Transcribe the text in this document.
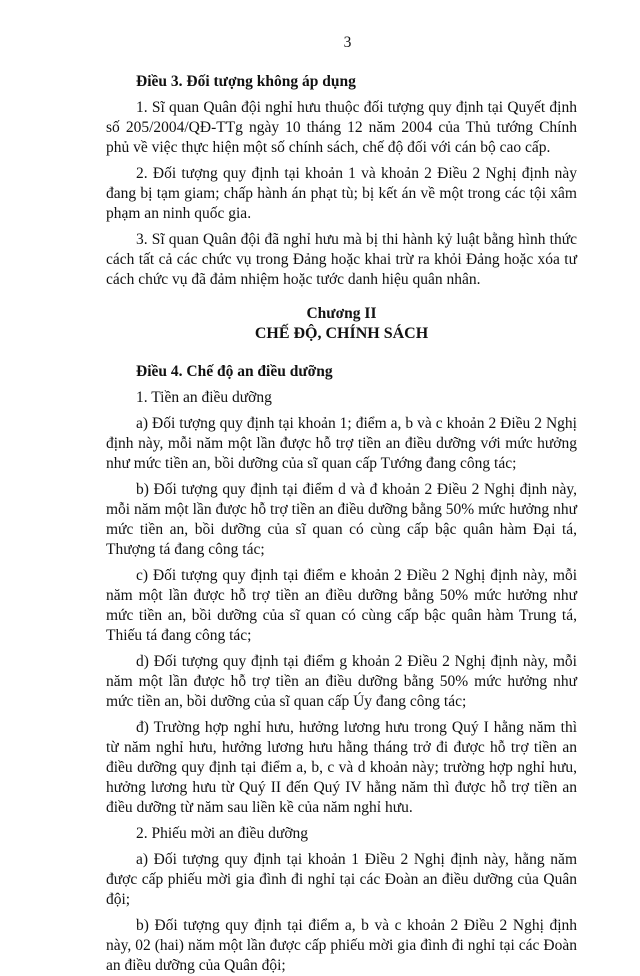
3
Điều 3. Đối tượng không áp dụng
1. Sĩ quan Quân đội nghỉ hưu thuộc đối tượng quy định tại Quyết định số 205/2004/QĐ-TTg ngày 10 tháng 12 năm 2004 của Thủ tướng Chính phủ về việc thực hiện một số chính sách, chế độ đối với cán bộ cao cấp.
2. Đối tượng quy định tại khoản 1 và khoản 2 Điều 2 Nghị định này đang bị tạm giam; chấp hành án phạt tù; bị kết án về một trong các tội xâm phạm an ninh quốc gia.
3. Sĩ quan Quân đội đã nghỉ hưu mà bị thi hành kỷ luật bằng hình thức cách tất cả các chức vụ trong Đảng hoặc khai trừ ra khỏi Đảng hoặc xóa tư cách chức vụ đã đảm nhiệm hoặc tước danh hiệu quân nhân.
Chương II
CHẾ ĐỘ, CHÍNH SÁCH
Điều 4. Chế độ an điều dưỡng
1. Tiền an điều dưỡng
a) Đối tượng quy định tại khoản 1; điểm a, b và c khoản 2 Điều 2 Nghị định này, mỗi năm một lần được hỗ trợ tiền an điều dưỡng với mức hưởng như mức tiền an, bồi dưỡng của sĩ quan cấp Tướng đang công tác;
b) Đối tượng quy định tại điểm d và đ khoản 2 Điều 2 Nghị định này, mỗi năm một lần được hỗ trợ tiền an điều dưỡng bằng 50% mức hưởng như mức tiền an, bồi dưỡng của sĩ quan có cùng cấp bậc quân hàm Đại tá, Thượng tá đang công tác;
c) Đối tượng quy định tại điểm e khoản 2 Điều 2 Nghị định này, mỗi năm một lần được hỗ trợ tiền an điều dưỡng bằng 50% mức hưởng như mức tiền an, bồi dưỡng của sĩ quan có cùng cấp bậc quân hàm Trung tá, Thiếu tá đang công tác;
d) Đối tượng quy định tại điểm g khoản 2 Điều 2 Nghị định này, mỗi năm một lần được hỗ trợ tiền an điều dưỡng bằng 50% mức hưởng như mức tiền an, bồi dưỡng của sĩ quan cấp Úy đang công tác;
đ) Trường hợp nghỉ hưu, hưởng lương hưu trong Quý I hằng năm thì từ năm nghỉ hưu, hưởng lương hưu hằng tháng trở đi được hỗ trợ tiền an điều dưỡng quy định tại điểm a, b, c và d khoản này; trường hợp nghỉ hưu, hưởng lương hưu từ Quý II đến Quý IV hằng năm thì được hỗ trợ tiền an điều dưỡng từ năm sau liền kề của năm nghỉ hưu.
2. Phiếu mời an điều dưỡng
a) Đối tượng quy định tại khoản 1 Điều 2 Nghị định này, hằng năm được cấp phiếu mời gia đình đi nghỉ tại các Đoàn an điều dưỡng của Quân đội;
b) Đối tượng quy định tại điểm a, b và c khoản 2 Điều 2 Nghị định này, 02 (hai) năm một lần được cấp phiếu mời gia đình đi nghỉ tại các Đoàn an điều dưỡng của Quân đội;
